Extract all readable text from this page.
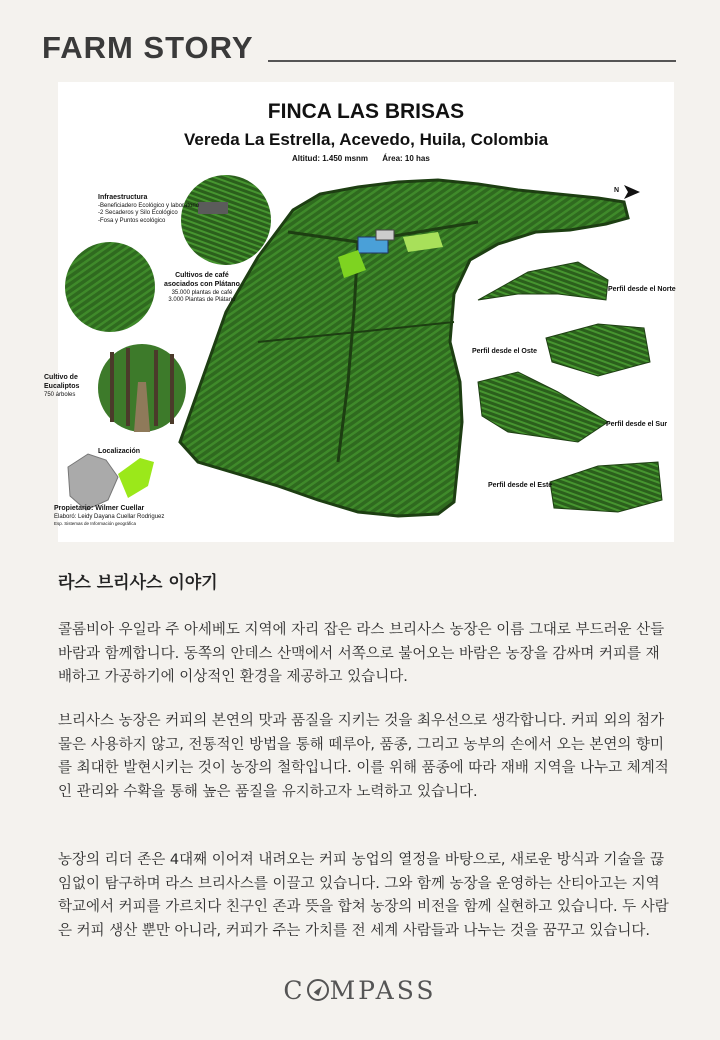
FARM STORY
FINCA LAS BRISAS
Vereda La Estrella, Acevedo, Huila, Colombia
Altitud: 1.450 msnm Área: 10 has
N
Infraestructura
-Beneficiadero Ecológico y laboratorio
-2 Secaderos y Silo Ecológico
-Fosa y Puntos ecológico
Cultivos de café
asociados con Plátano
35.000 plantas de café
3.000 Plantas de Plátano
Cultivo de
Eucaliptos
750 árboles
Localización
Propietario: Wilmer Cuellar
Elaboró: Leidy Dayana Cuellar Rodriguez
Esp. Sistemas de Información geográfica
Perfil desde el Norte
Perfil desde el Oste
Perfil desde el Sur
Perfil desde el Este
라스 브리사스 이야기

콜롬비아 우일라 주 아세베도 지역에 자리 잡은 라스 브리사스 농장은 이름 그대로 부드러운 산들바람과 함께합니다. 동쪽의 안데스 산맥에서 서쪽으로 불어오는 바람은 농장을 감싸며 커피를 재배하고 가공하기에 이상적인 환경을 제공하고 있습니다.

브리사스 농장은 커피의 본연의 맛과 품질을 지키는 것을 최우선으로 생각합니다. 커피 외의 첨가물은 사용하지 않고, 전통적인 방법을 통해 떼루아, 품종, 그리고 농부의 손에서 오는 본연의 향미를 최대한 발현시키는 것이 농장의 철학입니다. 이를 위해 품종에 따라 재배 지역을 나누고 체계적인 관리와 수확을 통해 높은 품질을 유지하고자 노력하고 있습니다.

농장의 리더 존은 4대째 이어져 내려오는 커피 농업의 열정을 바탕으로, 새로운 방식과 기술을 끊임없이 탐구하며 라스 브리사스를 이끌고 있습니다. 그와 함께 농장을 운영하는 산티아고는 지역 학교에서 커피를 가르치다 친구인 존과 뜻을 합쳐 농장의 비전을 함께 실현하고 있습니다. 두 사람은 커피 생산 뿐만 아니라, 커피가 주는 가치를 전 세계 사람들과 나누는 것을 꿈꾸고 있습니다.

C MPASS
